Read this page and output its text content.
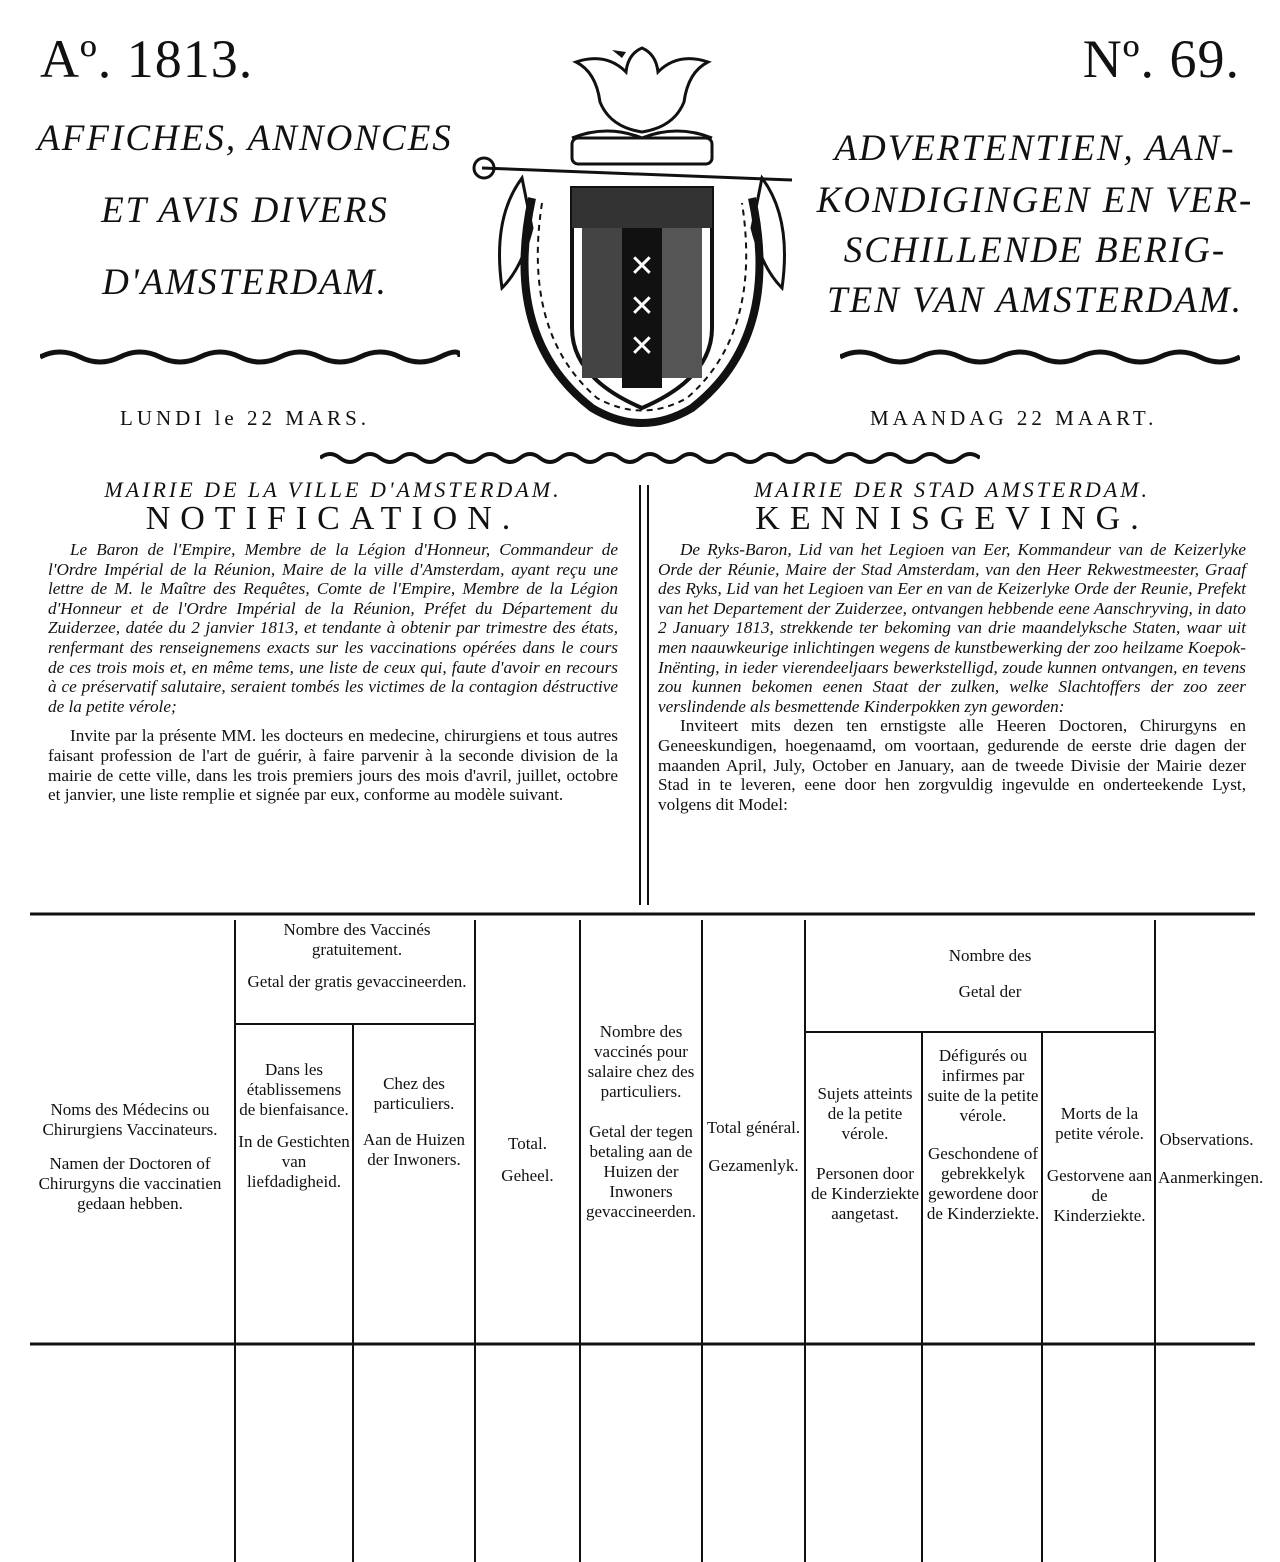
Aº. 1813.	Nº. 69.
AFFICHES, ANNONCES
ET AVIS DIVERS
D'AMSTERDAM.
ADVERTENTIEN, AAN-
KONDIGINGEN EN VER-
SCHILLENDE BERIG-
TEN VAN AMSTERDAM.
✕
✕
✕
LUNDI le 22 MARS.	MAANDAG 22 MAART.
MAIRIE DE LA VILLE D'AMSTERDAM.
NOTIFICATION.

Le Baron de l'Empire, Membre de la Légion d'Honneur, Commandeur de l'Ordre Impérial de la Réunion, Maire de la ville d'Amsterdam, ayant reçu une lettre de M. le Maître des Requêtes, Comte de l'Empire, Membre de la Légion d'Honneur et de l'Ordre Impérial de la Réunion, Préfet du Département du Zuiderzee, datée du 2 janvier 1813, et tendante à obtenir par trimestre des états, renfermant des renseignemens exacts sur les vaccinations opérées dans le cours de ces trois mois et, en même tems, une liste de ceux qui, faute d'avoir en recours à ce préservatif salutaire, seraient tombés les victimes de la contagion déstructive de la petite vérole;

Invite par la présente MM. les docteurs en medecine, chirurgiens et tous autres faisant profession de l'art de guérir, à faire parvenir à la seconde division de la mairie de cette ville, dans les trois premiers jours des mois d'avril, juillet, octobre et janvier, une liste remplie et signée par eux, conforme au modèle suivant.

MAIRIE DER STAD AMSTERDAM.
KENNISGEVING.

De Ryks-Baron, Lid van het Legioen van Eer, Kommandeur van de Keizerlyke Orde der Réunie, Maire der Stad Amsterdam, van den Heer Rekwestmeester, Graaf des Ryks, Lid van het Legioen van Eer en van de Keizerlyke Orde der Reunie, Prefekt van het Departement der Zuiderzee, ontvangen hebbende eene Aanschryving, in dato 2 January 1813, strekkende ter bekoming van drie maandelyksche Staten, waar uit men naauwkeurige inlichtingen wegens de kunstbewerking der zoo heilzame Koepok-Inënting, in ieder vierendeeljaars bewerkstelligd, zoude kunnen ontvangen, en tevens zou kunnen bekomen eenen Staat der zulken, welke Slachtoffers der zoo zeer verslindende als besmettende Kinderpokken zyn geworden:

Inviteert mits dezen ten ernstigste alle Heeren Doctoren, Chirurgyns en Geneeskundigen, hoegenaamd, om voortaan, gedurende de eerste drie dagen der maanden April, July, October en January, aan de tweede Divisie der Mairie dezer Stad in te leveren, eene door hen zorgvuldig ingevulde en onderteekende Lyst, volgens dit Model:

Noms des Médecins ou Chirurgiens Vaccinateurs.
Namen der Doctoren of Chirurgyns die vaccinatien gedaan hebben.
Nombre des Vaccinés gratuitement.
Getal der gratis gevaccineerden.
Dans les établissemens de bienfaisance.
In de Gestichten van liefdadigheid.
Chez des particuliers.
Aan de Huizen der Inwoners.
Total.
Geheel.
Nombre des vaccinés pour salaire chez des particuliers.
Getal der tegen betaling aan de Huizen der Inwoners gevaccineerden.
Total général.
Gezamenlyk.
Nombre des
Getal der
Sujets atteints de la petite vérole.
Personen door de Kinderziekte aangetast.
Défigurés ou infirmes par suite de la petite vérole.
Geschondene of gebrekkelyk gewordene door de Kinderziekte.
Morts de la petite vérole.
Gestorvene aan de Kinderziekte.
Observations.
Aanmerkingen.
